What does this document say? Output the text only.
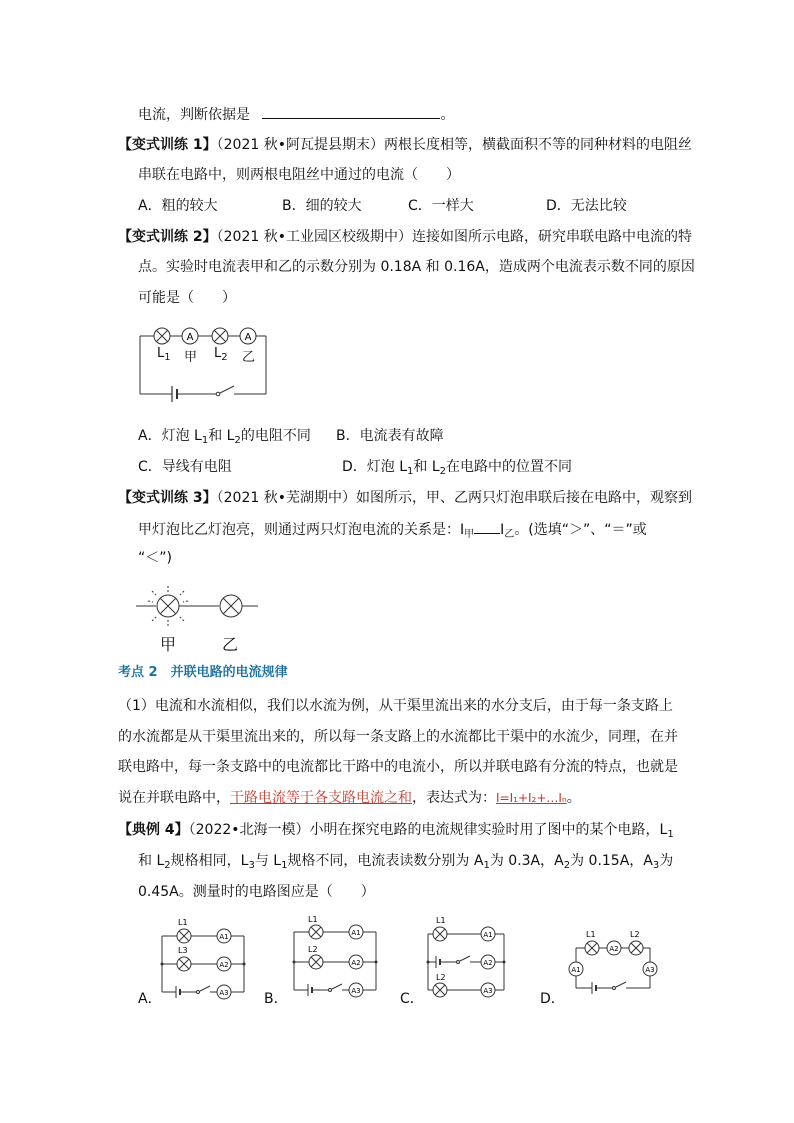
电流，判断依据是	。
【变式训练 1】（2021 秋•阿瓦提县期末）两根长度相等，横截面积不等的同种材料的电阻丝
串联在电路中，则两根电阻丝中通过的电流（　　）
A．粗的较大	B．细的较大	C．一样大	D．无法比较
【变式训练 2】（2021 秋•工业园区校级期中）连接如图所示电路，研究串联电路中电流的特
点。实验时电流表甲和乙的示数分别为 0.18A 和 0.16A，造成两个电流表示数不同的原因
可能是（　　）
A	A
$L_1$ 甲 $L_2$ 乙
A．灯泡 $L_1$和 $L_2$的电阻不同 B．电流表有故障
C．导线有电阻	D．灯泡 $L_1$和 $L_2$在电路中的位置不同
【变式训练 3】（2021 秋•芜湖期中）如图所示，甲、乙两只灯泡串联后接在电路中，观察到
甲灯泡比乙灯泡亮，则通过两只灯泡电流的关系是：$I_甲$ $I_乙$。(选填“＞”、“＝”或
“＜”)
甲	乙
考点 2　并联电路的电流规律
（1）电流和水流相似，我们以水流为例，从干渠里流出来的水分支后，由于每一条支路上
的水流都是从干渠里流出来的，所以每一条支路上的水流都比干渠中的水流少，同理，在并
联电路中，每一条支路中的电流都比干路中的电流小，所以并联电路有分流的特点，也就是
说在并联电路中，干路电流等于各支路电流之和，表达式为：I=I₁+I₂+…Iₙ。
【典例 4】（2022•北海一模）小明在探究电路的电流规律实验时用了图中的某个电路，$L_1$
和 $L_2$规格相同，$L_3$与 $L_1$规格不同，电流表读数分别为 $A_1$为 0.3A，$A_2$为 0.15A，$A_3$为
0.45A。测量时的电路图应是（　　）
A．	B．	C．	D．
L1
L3
A1
A2
A3
L1
L2
A1
A2
A3
L1
L2
A1
A2
A3
L1	L2
A2
A1	A3
